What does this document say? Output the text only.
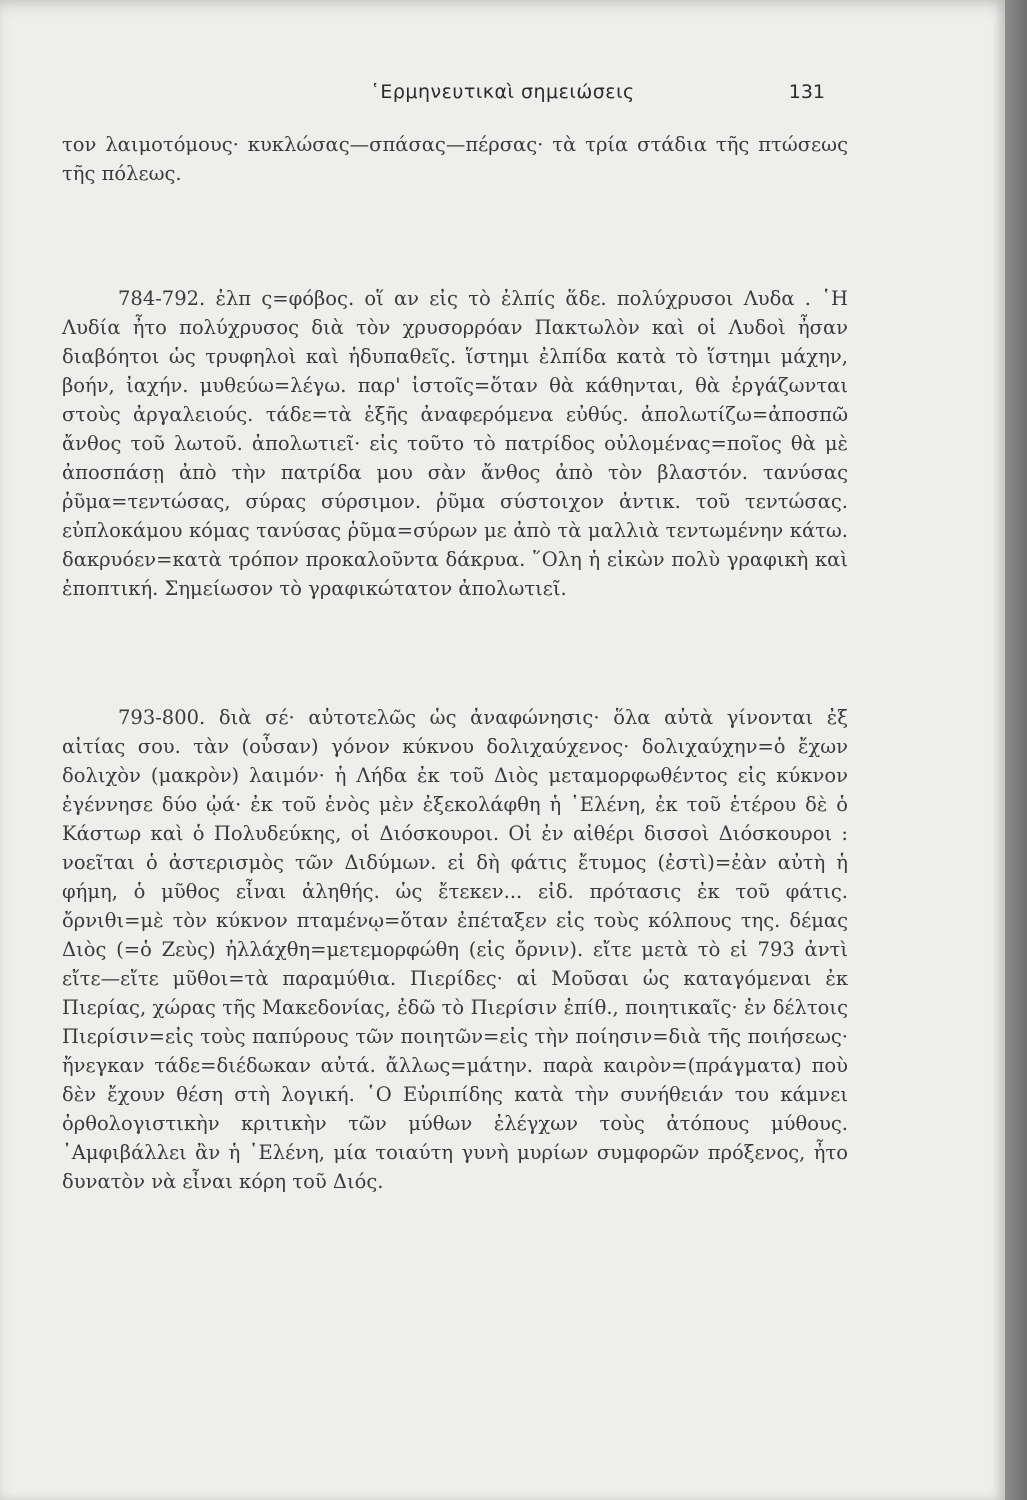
῾Ερμηνευτικαὶ σημειώσεις	131

τον λαιμοτόμους· κυκλώσας—σπάσας—πέρσας· τὰ τρία στάδια τῆς πτώσεως τῆς πόλεως.

784-792. ἐλπ ς=φόβος. οἵ αν εἰς τὸ ἐλπίς ἅδε. πολύχρυσοι Λυδα . ῾Η Λυδία ἦτο πολύχρυσος διὰ τὸν χρυσορρόαν Πακτωλὸν καὶ οἱ Λυδοὶ ἦσαν διαβόητοι ὡς τρυφηλοὶ καὶ ἡδυπαθεῖς. ἵστημι ἐλπίδα κατὰ τὸ ἵστημι μάχην, βοήν, ἰαχήν. μυθεύω=λέγω. παρ' ἱστοῖς=ὅταν θὰ κάθηνται, θὰ ἐργάζωνται στοὺς ἀργαλειούς. τάδε=τὰ ἑξῆς ἀναφερόμενα εὐθύς. ἀπολωτίζω=ἀποσπῶ ἄνθος τοῦ λωτοῦ. ἀπολωτιεῖ· εἰς τοῦτο τὸ πατρίδος οὐλομένας=ποῖος θὰ μὲ ἀποσπάσῃ ἀπὸ τὴν πατρίδα μου σὰν ἄνθος ἀπὸ τὸν βλαστόν. τανύσας ῥῦμα=τεντώσας, σύρας σύρσιμον. ῥῦμα σύστοιχον ἀντικ. τοῦ τεντώσας. εὐπλοκάμου κόμας τανύσας ῥῦμα=σύρων με ἀπὸ τὰ μαλλιὰ τεντωμένην κάτω. δακρυόεν=κατὰ τρόπον προκαλοῦντα δάκρυα. ῞Ολη ἡ εἰκὼν πολὺ γραφικὴ καὶ ἐποπτική. Σημείωσον τὸ γραφικώτατον ἀπολωτιεῖ.

793-800. διὰ σέ· αὐτοτελῶς ὡς ἀναφώνησις· ὅλα αὐτὰ γίνονται ἐξ αἰτίας σου. τὰν (οὖσαν) γόνον κύκνου δολιχαύχενος· δολιχαύχην=ὁ ἔχων δολιχὸν (μακρὸν) λαιμόν· ἡ Λήδα ἐκ τοῦ Διὸς μεταμορφωθέντος εἰς κύκνον ἐγέννησε δύο ᾠά· ἐκ τοῦ ἑνὸς μὲν ἐξεκολάφθη ἡ ῾Ελένη, ἐκ τοῦ ἑτέρου δὲ ὁ Κάστωρ καὶ ὁ Πολυδεύκης, οἱ Διόσκουροι. Οἱ ἐν αἰθέρι δισσοὶ Διόσκουροι : νοεῖται ὁ ἀστερισμὸς τῶν Διδύμων. εἰ δὴ φάτις ἔτυμος (ἐστὶ)=ἐὰν αὐτὴ ἡ φήμη, ὁ μῦθος εἶναι ἀληθής. ὡς ἔτεκεν... εἰδ. πρότασις ἐκ τοῦ φάτις. ὄρνιθι=μὲ τὸν κύκνον πταμένῳ=ὅταν ἐπέταξεν εἰς τοὺς κόλπους της. δέμας Διὸς (=ὁ Ζεὺς) ἠλλάχθη=μετεμορφώθη (εἰς ὄρνιν). εἴτε μετὰ τὸ εἰ 793 ἀντὶ εἴτε—εἴτε μῦθοι=τὰ παραμύθια. Πιερίδες· αἱ Μοῦσαι ὡς καταγόμεναι ἐκ Πιερίας, χώρας τῆς Μακεδονίας, ἐδῶ τὸ Πιερίσιν ἐπίθ., ποιητικαῖς· ἐν δέλτοις Πιερίσιν=εἰς τοὺς παπύρους τῶν ποιητῶν=εἰς τὴν ποίησιν=διὰ τῆς ποιήσεως· ἤνεγκαν τάδε=διέδωκαν αὐτά. ἄλλως=μάτην. παρὰ καιρὸν=(πράγματα) ποὺ δὲν ἔχουν θέση στὴ λογική. ῾Ο Εὐριπίδης κατὰ τὴν συνήθειάν του κάμνει ὀρθολογιστικὴν κριτικὴν τῶν μύθων ἐλέγχων τοὺς ἀτόπους μύθους. ᾽Αμφιβάλλει ἂν ἡ ῾Ελένη, μία τοιαύτη γυνὴ μυρίων συμφορῶν πρόξενος, ἦτο δυνατὸν νὰ εἶναι κόρη τοῦ Διός.
